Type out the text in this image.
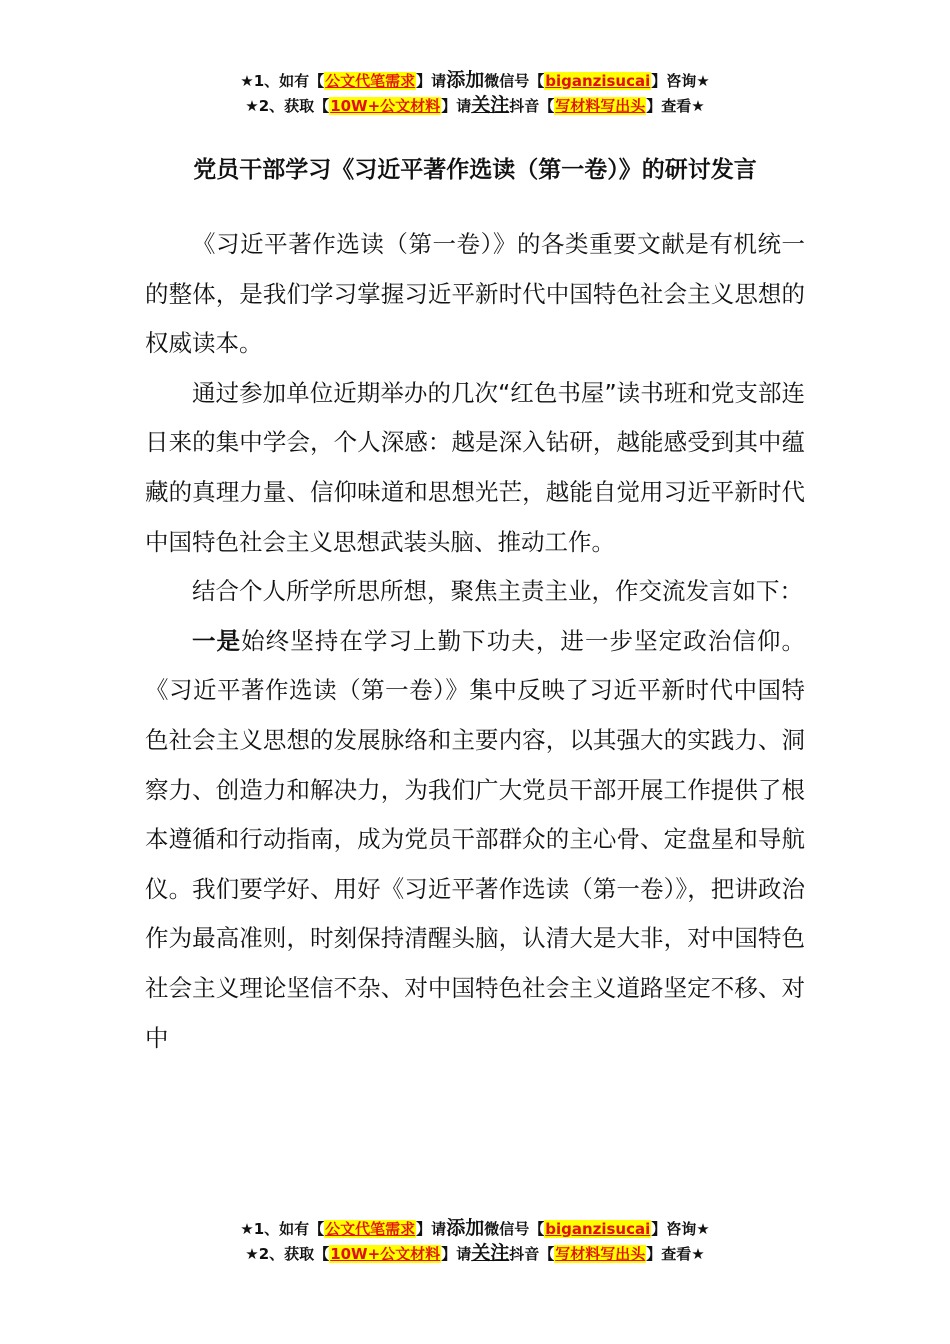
★1、如有【公文代笔需求】请添加微信号【biganzisucai】咨询★
★2、获取【10W+公文材料】请关注抖音【写材料写出头】查看★
党员干部学习《习近平著作选读（第一卷）》的研讨发言

《习近平著作选读（第一卷）》的各类重要文献是有机统一的整体，是我们学习掌握习近平新时代中国特色社会主义思想的权威读本。

通过参加单位近期举办的几次“红色书屋”读书班和党支部连日来的集中学会，个人深感：越是深入钻研，越能感受到其中蕴藏的真理力量、信仰味道和思想光芒，越能自觉用习近平新时代中国特色社会主义思想武装头脑、推动工作。

结合个人所学所思所想，聚焦主责主业，作交流发言如下：

一是始终坚持在学习上勤下功夫，进一步坚定政治信仰。《习近平著作选读（第一卷）》集中反映了习近平新时代中国特色社会主义思想的发展脉络和主要内容，以其强大的实践力、洞察力、创造力和解决力，为我们广大党员干部开展工作提供了根本遵循和行动指南，成为党员干部群众的主心骨、定盘星和导航仪。我们要学好、用好《习近平著作选读（第一卷）》，把讲政治作为最高准则，时刻保持清醒头脑，认清大是大非，对中国特色社会主义理论坚信不杂、对中国特色社会主义道路坚定不移、对中

★1、如有【公文代笔需求】请添加微信号【biganzisucai】咨询★
★2、获取【10W+公文材料】请关注抖音【写材料写出头】查看★
